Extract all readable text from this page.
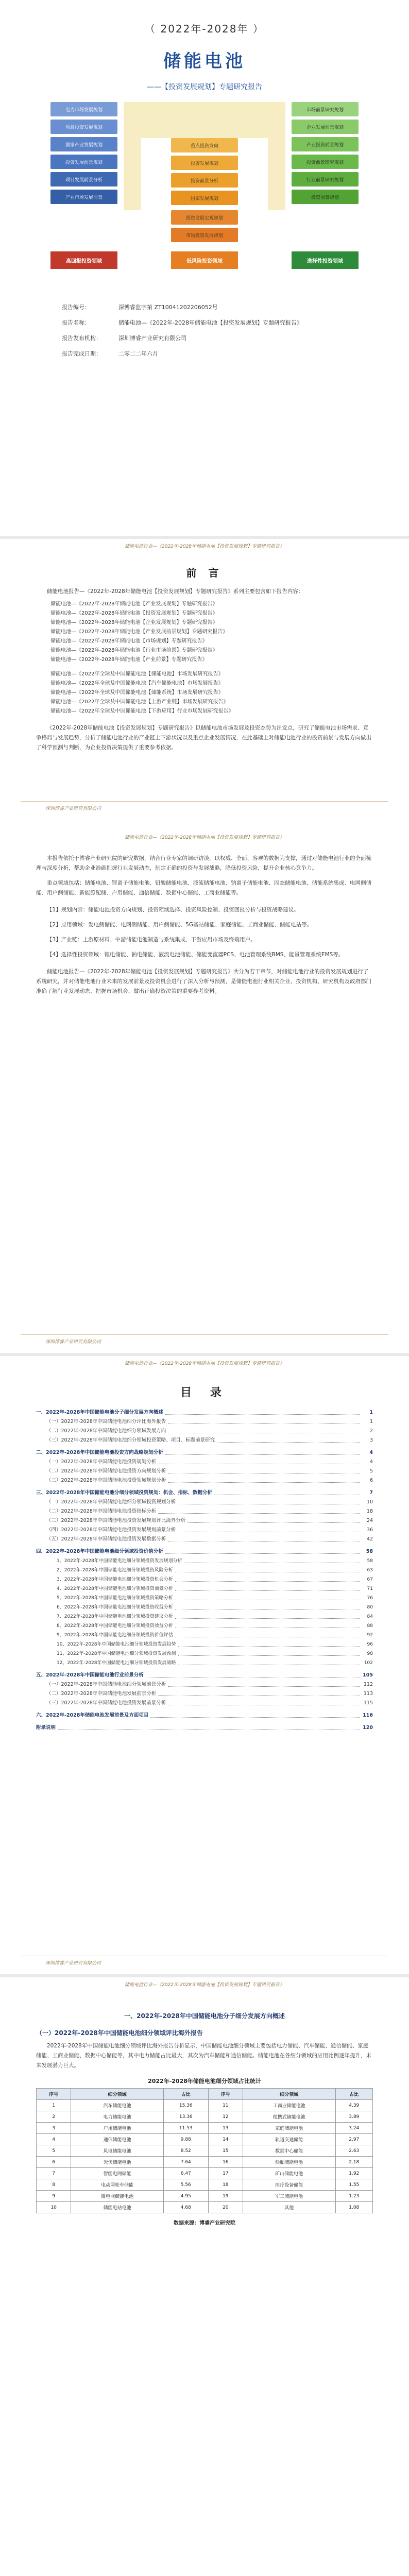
（ 2022年-2028年 ）
储能电池
——【投资发展规划】专题研究报告
电力市场发展规划
项目投资发展规划
国家产业发展规划
投资发展前景规划
项目发展前景分析
产业市场发展前景
重点投资方向
投资发展规划
投资前景分析
国家发展规划
市场前景研究规划
企业发展前景规划
产业投资前景规划
投资前景研究规划
行业前景研究规划
投资前景规划
投资发展宏观规划
市场投资发展规划
高回报投资领域	低风险投资领域	选择性投资领域
报告编号：	深博睿监字第 ZT10041202206052号
报告名称：	储能电池—《2022年-2028年储能电池【投资发展规划】专题研究报告》
报告发布机构：	深圳博睿产业研究有限公司
报告完成日期：	二零二二年六月
储能电池行业—《2022年-2028年储能电池【投资发展规划】专题研究报告》
前 言

储能电池报告—《2022年-2028年储能电池【投资发展规划】专题研究报告》系列主要包含如下报告内容：

储能电池—《2022年-2028年储能电池【产业发展规划】专题研究报告》
储能电池—《2022年-2028年储能电池【投资发展规划】专题研究报告》
储能电池—《2022年-2028年储能电池【企业发展规划】专题研究报告》
储能电池—《2022年-2028年储能电池【产业发展前景规划】专题研究报告》
储能电池—《2022年-2028年储能电池【市场规划】专题研究报告》
储能电池—《2022年-2028年储能电池【行业市场前景】专题研究报告》
储能电池—《2022年-2028年储能电池【产业前景】专题研究报告》
储能电池—《2022年全球及中国储能电池【储能电池】市场发展研究报告》
储能电池—《2022年全球及中国储能电池【汽车储能电池】市场发展报告》
储能电池—《2022年全球及中国储能电池【储能系统】市场发展研究报告》
储能电池—《2022年全球及中国储能电池【上游产业链】市场发展研究报告》
储能电池—《2022年全球及中国储能电池【下游应用】行业市场发展研究报告》

《2022年-2028年储能电池【投资发展规划】专题研究报告》以储能电池市场发展及投资态势为出发点，研究了储能电池市场需求、竞争格局与发展趋势，分析了储能电池行业的产业链上下游状况以及重点企业发展情况，在此基础上对储能电池行业的投资前景与发展方向做出了科学预测与判断，为企业投资决策提供了重要参考依据。

深圳博睿产业研究有限公司
储能电池行业—《2022年-2028年储能电池【投资发展规划】专题研究报告》

本报告依托于博睿产业研究院的研究数据，结合行业专家的调研访谈，以权威、全面、客观的数据为支撑，通过对储能电池行业的全面梳理与深度分析，帮助企业准确把握行业发展动态，制定正确的投资与发展战略，降低投资风险，提升企业核心竞争力。

重点领域包括：储能电池、锂离子储能电池、铅酸储能电池、液流储能电池、钠离子储能电池、固态储能电池、储能系统集成、电网侧储能、用户侧储能、新能源配储、户用储能、通信储能、数据中心储能、工商业储能等。

【1】规划内容：储能电池投资方向规划、投资领域选择、投资风险控制、投资回报分析与投资战略建议。

【2】应用领域：发电侧储能、电网侧储能、用户侧储能、5G基站储能、家庭储能、工商业储能、储能电站等。

【3】产业链：上游原材料、中游储能电池制造与系统集成、下游应用市场及终端用户。

【4】选择性投资领域：锂电储能、钠电储能、液流电池储能、储能变流器PCS、电池管理系统BMS、能量管理系统EMS等。

储能电池报告—《2022年-2028年储能电池【投资发展规划】专题研究报告》共分为若干章节，对储能电池行业的投资发展规划进行了系统研究，并对储能电池行业未来的发展前景及投资机会进行了深入分析与预测，是储能电池行业相关企业、投资机构、研究机构及政府部门准确了解行业发展动态、把握市场机会、做出正确投资决策的重要参考资料。

深圳博睿产业研究有限公司
储能电池行业—《2022年-2028年储能电池【投资发展规划】专题研究报告》
目 录
一、2022年-2028年中国储能电池分子细分发展方向概述	1
（一）2022年-2028年中国储能电池细分评比海外报告	1
（二）2022年-2028年中国储能电池细分领域发展方向	2
（三）2022年-2028年中国储能电池细分领域投资策略、项目、标题前景研究	3
二、2022年-2028年中国储能电池投资方向战略规划分析	4
（一）2022年-2028年中国储能电池投资规划分析	4
（二）2022年-2028年中国储能电池投资方向规划分析	5
（三）2022年-2028年中国储能电池投资领域规划分析	6
三、2022年-2028年中国储能电池分细分领域投资规划：机会、指标、数据分析	7
（一）2022年-2028年中国储能电池细分领域投资规划分析	10
（二）2022年-2028年中国储能电池投资指标分析	18
（三）2022年-2028年中国储能电池投资发展规划评比海外分析	24
（四）2022年-2028年中国储能电池投资发展规划前景分析	36
（五）2022年-2028年中国储能电池投资发展数据分析	42
四、2022年-2028年中国储能电池细分领域投资价值分析	58
1、2022年-2028年中国储能电池细分领域投资发展规划分析	58
2、2022年-2028年中国储能电池细分领域投资风险分析	63
3、2022年-2028年中国储能电池细分领域投资机会分析	67
4、2022年-2028年中国储能电池细分领域投资前景分析	71
5、2022年-2028年中国储能电池细分领域投资策略分析	76
6、2022年-2028年中国储能电池细分领域投资收益分析	80
7、2022年-2028年中国储能电池细分领域投资建议分析	84
8、2022年-2028年中国储能电池细分领域投资效益分析	88
9、2022年-2028年中国储能电池细分领域投资价值评估	92
10、2022年-2028年中国储能电池细分领域投资发展趋势	96
11、2022年-2028年中国储能电池细分领域投资发展预测	98
12、2022年-2028年中国储能电池细分领域投资发展战略	102
五、2022年-2028年中国储能电池行业前景分析	105
（一）2022年-2028年中国储能电池细分领域前景分析	112
（二）2022年-2028年中国储能电池发展前景分析	113
（三）2022年-2028年中国储能电池投资发展前景分析	115
六、2022年-2028年储能电池发展前景及方面项目	116
附录说明	120
深圳博睿产业研究有限公司
储能电池行业—《2022年-2028年储能电池【投资发展规划】专题研究报告》
一、2022年-2028年中国储能电池分子细分发展方向概述
（一）2022年-2028年中国储能电池细分领域评比海外报告

2022年-2028年中国储能电池细分领域评比海外报告分析显示，中国储能电池细分领域主要包括电力储能、汽车储能、通信储能、家庭储能、工商业储能、数据中心储能等，其中电力储能占比最大，其次为汽车储能和通信储能。储能电池在各细分领域的应用比例逐年提升，未来发展潜力巨大。

2022年-2028年储能电池细分领域占比统计
序号	细分领域	占比	序号	细分领域	占比
1	汽车储能电池	15.36	11	工商业储能电池	4.39
2	电力储能电池	13.36	12	便携式储能电池	3.89
3	户用储能电池	11.53	13	家庭储能电池	3.24
4	通信储能电池	9.88	14	轨道交通储能	2.97
5	风电储能电池	8.52	15	数据中心储能	2.63
6	光伏储能电池	7.64	16	船舶储能电池	2.18
7	智能电网储能	6.47	17	矿山储能电池	1.92
8	电动两轮车储能	5.56	18	医疗设备储能	1.55
9	微电网储能电池	4.95	19	军工储能电池	1.23
10	储能电站电池	4.68	20	其他	1.08
数据来源：博睿产业研究院
